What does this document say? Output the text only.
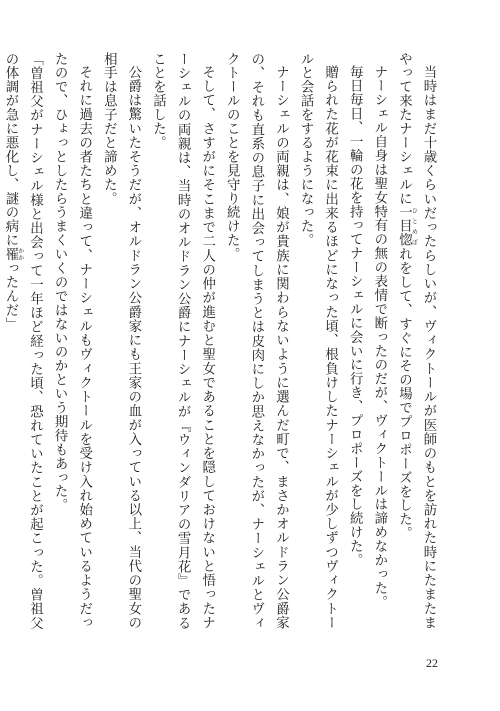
当時はまだ十歳くらいだったらしいが、ヴィクトールが医師のもとを訪れた時にたまたまやって来たナーシェルに一目惚 ひとめぼれをして、すぐにその場でプロポーズをした。

ナーシェル自身は聖女特有の無の表情で断ったのだが、ヴィクトールは諦めなかった。

毎日毎日、一輪の花を持ってナーシェルに会いに行き、プロポーズをし続けた。

贈られた花が花束に出来るほどになった頃、根負けしたナーシェルが少しずつヴィクトールと会話をするようになった。

ナーシェルの両親は、娘が貴族に関わらないように選んだ町で、まさかオルドラン公爵家の、それも直系の息子に出会ってしまうとは皮肉にしか思えなかったが、ナーシェルとヴィクトールのことを見守り続けた。

そして、さすがにそこまで二人の仲が進むと聖女であることを隠しておけないと悟ったナーシェルの両親は、当時のオルドラン公爵にナーシェルが『ウィンダリアの雪月花』であることを話した。

公爵は驚いたそうだが、オルドラン公爵家にも王家の血が入っている以上、当代の聖女の相手は息子だと諦めた。

それに過去の者たちと違って、ナーシェルもヴィクトールを受け入れ始めているようだったので、ひょっとしたらうまくいくのではないのかという期待もあった。

「曽祖父がナーシェル様と出会って一年ほど経った頃、恐れていたことが起こった。曽祖父の体調が急に悪化し、謎の病に罹 かかったんだ」

22
